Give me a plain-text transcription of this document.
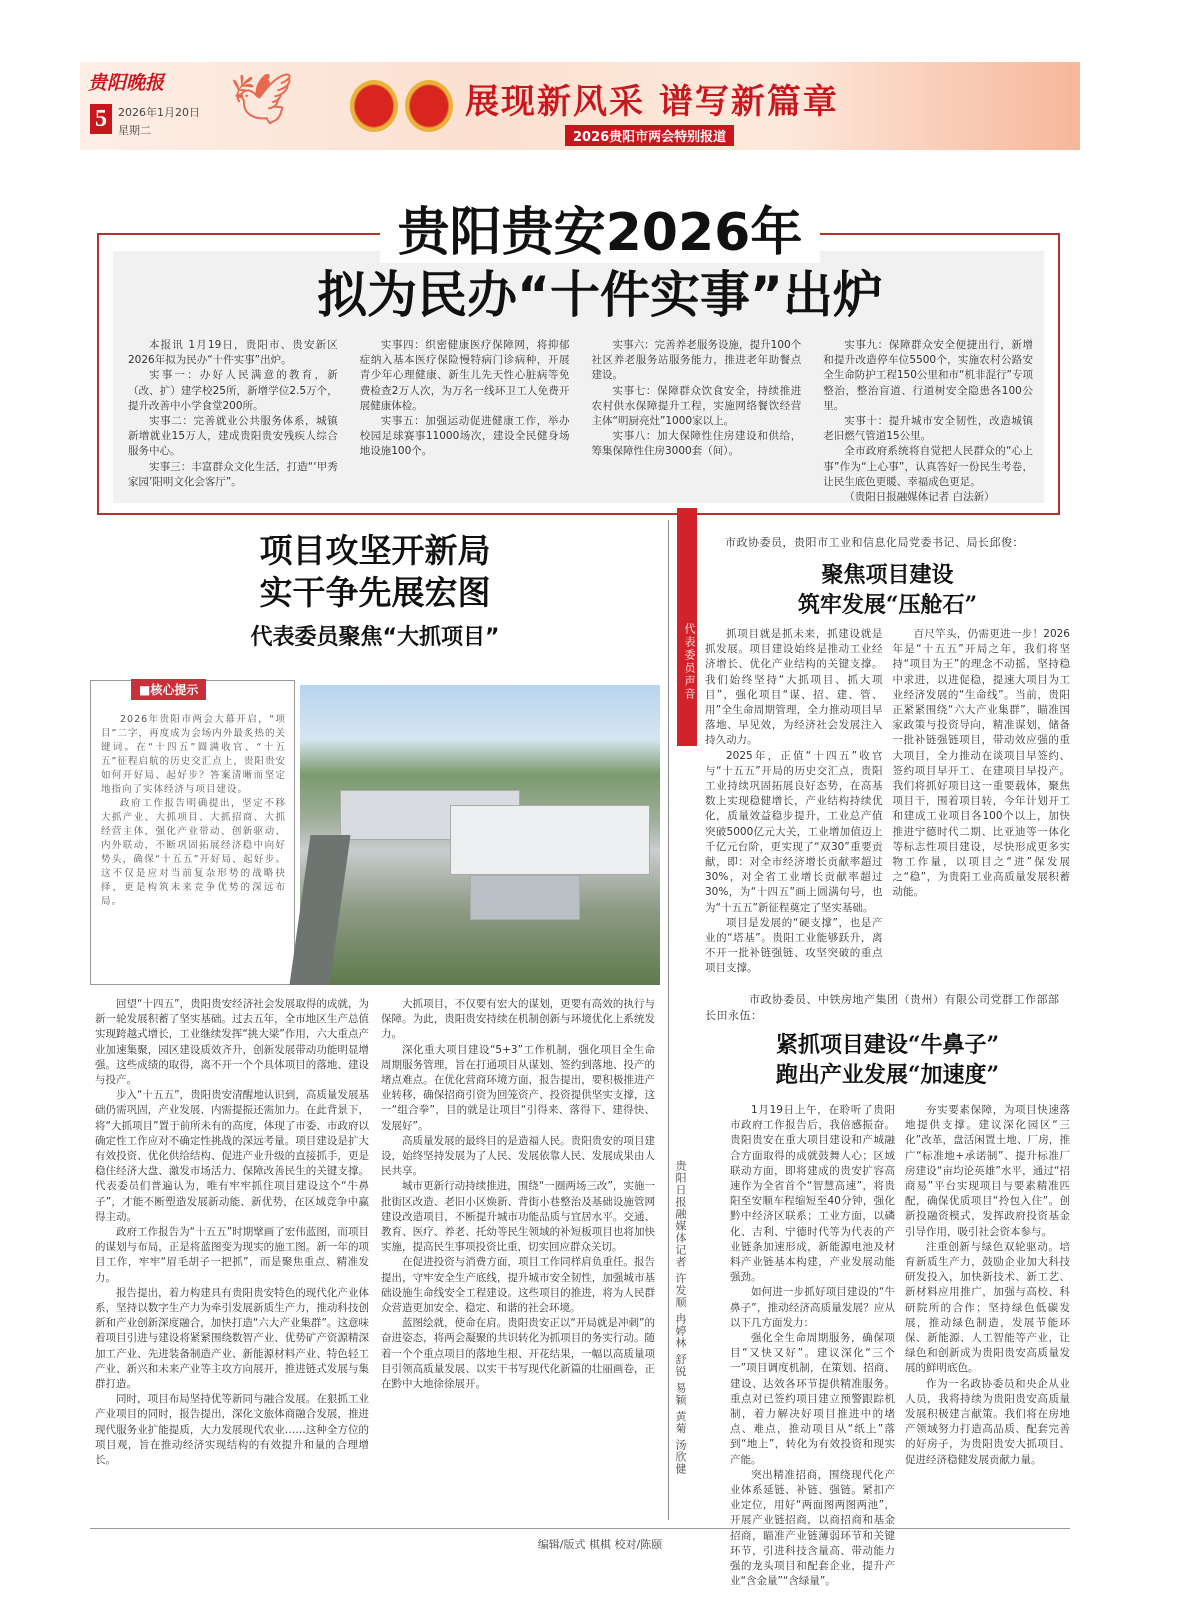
贵阳晚报
5	2026年1月20日
星期二
🕊	展现新风采 谱写新篇章
2026贵阳市两会特别报道
贵阳贵安2026年
拟为民办“十件实事”出炉

本报讯 1月19日，贵阳市、贵安新区2026年拟为民办“十件实事”出炉。

实事一：办好人民满意的教育，新（改、扩）建学校25所，新增学位2.5万个，提升改善中小学食堂200所。

实事二：完善就业公共服务体系，城镇新增就业15万人，建成贵阳贵安残疾人综合服务中心。

实事三：丰富群众文化生活，打造“‘甲秀家园’阳明文化会客厅”。

实事四：织密健康医疗保障网，将抑郁症纳入基本医疗保险慢特病门诊病种，开展青少年心理健康、新生儿先天性心脏病等免费检查2万人次，为万名一线环卫工人免费开展健康体检。

实事五：加强运动促进健康工作，举办校园足球赛事11000场次，建设全民健身场地设施100个。

实事六：完善养老服务设施，提升100个社区养老服务站服务能力，推进老年助餐点建设。

实事七：保障群众饮食安全，持续推进农村供水保障提升工程，实施网络餐饮经营主体“明厨亮灶”1000家以上。

实事八：加大保障性住房建设和供给，筹集保障性住房3000套（间）。

实事九：保障群众安全便捷出行，新增和提升改造停车位5500个，实施农村公路安全生命防护工程150公里和市“机非混行”专项整治，整治盲道、行道树安全隐患各100公里。

实事十：提升城市安全韧性，改造城镇老旧燃气管道15公里。

全市政府系统将自觉把人民群众的“心上事”作为“上心事”，认真答好一份民生考卷，让民生底色更暖、幸福成色更足。

（贵阳日报融媒体记者 白法新）

项目攻坚开新局
实干争先展宏图
代表委员聚焦“大抓项目”
■核心提示

2026年贵阳市两会大幕开启，“项目”二字，再度成为会场内外最炙热的关键词。在“十四五”圆满收官、“十五五”征程启航的历史交汇点上，贵阳贵安如何开好局、起好步？答案清晰而坚定地指向了实体经济与项目建设。

政府工作报告明确提出，坚定不移大抓产业、大抓项目、大抓招商、大抓经营主体，强化产业带动、创新驱动、内外联动，不断巩固拓展经济稳中向好势头，确保“十五五”开好局、起好步。这不仅是应对当前复杂形势的战略抉择，更是构筑未来竞争优势的深远布局。

回望“十四五”，贵阳贵安经济社会发展取得的成就，为新一轮发展积蓄了坚实基础。过去五年，全市地区生产总值实现跨越式增长，工业继续发挥“挑大梁”作用，六大重点产业加速集聚，园区建设质效齐升，创新发展带动功能明显增强。这些成绩的取得，离不开一个个具体项目的落地、建设与投产。

步入“十五五”，贵阳贵安清醒地认识到，高质量发展基础仍需巩固，产业发展、内需提振还需加力。在此背景下，将“大抓项目”置于前所未有的高度，体现了市委、市政府以确定性工作应对不确定性挑战的深远考量。项目建设是扩大有效投资、优化供给结构、促进产业升级的直接抓手，更是稳住经济大盘、激发市场活力、保障改善民生的关键支撑。代表委员们普遍认为，唯有牢牢抓住项目建设这个“牛鼻子”，才能不断塑造发展新动能、新优势，在区域竞争中赢得主动。

政府工作报告为“十五五”时期擘画了宏伟蓝图，而项目的谋划与布局，正是将蓝图变为现实的施工图。新一年的项目工作，牢牢“眉毛胡子一把抓”，而是聚焦重点、精准发力。

报告提出，着力构建具有贵阳贵安特色的现代化产业体系，坚持以数字生产力为牵引发展新质生产力，推动科技创新和产业创新深度融合，加快打造“六大产业集群”。这意味着项目引进与建设将紧紧围绕数智产业、优势矿产资源精深加工产业、先进装备制造产业、新能源材料产业、特色轻工产业、新兴和未来产业等主攻方向展开，推进链式发展与集群打造。

同时，项目布局坚持优等新同与融合发展。在狠抓工业产业项目的同时，报告提出，深化文旅体商融合发展，推进现代服务业扩能提质，大力发展现代农业……这种全方位的项目观，旨在推动经济实现结构的有效提升和量的合理增长。

大抓项目，不仅要有宏大的谋划，更要有高效的执行与保障。为此，贵阳贵安持续在机制创新与环境优化上系统发力。

深化重大项目建设“5+3”工作机制，强化项目全生命周期服务管理，旨在打通项目从谋划、签约到落地、投产的堵点难点。在优化营商环境方面，报告提出，要积极推进产业转移，确保招商引资为回笼资产、投资提供坚实支撑，这一“组合拳”，目的就是让项目“引得来、落得下、建得快、发展好”。

高质量发展的最终目的是造福人民。贵阳贵安的项目建设，始终坚持发展为了人民、发展依靠人民、发展成果由人民共享。

城市更新行动持续推进，围绕“一圈两场三改”，实施一批街区改造、老旧小区焕新、背街小巷整治及基础设施管网建设改造项目，不断提升城市功能品质与宜居水平。交通、教育、医疗、养老、托幼等民生领域的补短板项目也将加快实施，提高民生事项投资比重，切实回应群众关切。

在促进投资与消费方面，项目工作同样肩负重任。报告提出，守牢安全生产底线，提升城市安全韧性，加强城市基础设施生命线安全工程建设。这些项目的推进，将为人民群众营造更加安全、稳定、和谐的社会环境。

蓝图绘就，使命在肩。贵阳贵安正以“开局就是冲刺”的奋进姿态，将两会凝聚的共识转化为抓项目的务实行动。随着一个个重点项目的落地生根、开花结果，一幅以高质量项目引领高质量发展、以实干书写现代化新篇的壮丽画卷，正在黔中大地徐徐展开。

代表委员声音
市政协委员，贵阳市工业和信息化局党委书记、局长邱俊：
聚焦项目建设
筑牢发展“压舱石”

抓项目就是抓未来，抓建设就是抓发展。项目建设始终是推动工业经济增长、优化产业结构的关键支撑。我们始终坚持“大抓项目、抓大项目”，强化项目“谋、招、建、管、用”全生命周期管理，全力推动项目早落地、早见效，为经济社会发展注入持久动力。

2025年，正值“十四五”收官与“十五五”开局的历史交汇点，贵阳工业持续巩固拓展良好态势，在高基数上实现稳健增长，产业结构持续优化，质量效益稳步提升，工业总产值突破5000亿元大关，工业增加值迈上千亿元台阶，更实现了“双30”重要贡献，即：对全市经济增长贡献率超过30%，对全省工业增长贡献率超过30%，为“十四五”画上圆满句号，也为“十五五”新征程奠定了坚实基础。

项目是发展的“硬支撑”，也是产业的“塔基”。贵阳工业能够跃升，离不开一批补链强链、攻坚突破的重点项目支撑。

百尺竿头，仍需更进一步！2026年是“十五五”开局之年，我们将坚持“项目为王”的理念不动摇，坚持稳中求进，以进促稳，提速大项目为工业经济发展的“生命线”。当前，贵阳正紧紧围绕“六大产业集群”，瞄准国家政策与投资导向，精准谋划，储备一批补链强链项目，带动效应强的重大项目，全力推动在谈项目早签约、签约项目早开工、在建项目早投产。我们将抓好项目这一重要载体，聚焦项目干，围着项目转，今年计划开工和建成工业项目各100个以上，加快推进宁德时代二期、比亚迪等一体化等标志性项目建设，尽快形成更多实物工作量，以项目之“进”保发展之“稳”，为贵阳工业高质量发展积蓄动能。

市政协委员、中铁房地产集团（贵州）有限公司党群工作部部长田永伍：
紧抓项目建设“牛鼻子”
跑出产业发展“加速度”

1月19日上午，在聆听了贵阳市政府工作报告后，我倍感振奋。贵阳贵安在重大项目建设和产城融合方面取得的成就鼓舞人心；区域联动方面，即将建成的贵安扩容高速作为全省首个“智慧高速”，将贵阳至安顺车程缩短至40分钟，强化黔中经济区联系；工业方面，以磷化、吉利、宁德时代等为代表的产业链条加速形成，新能源电池及材料产业链基本构建，产业发展动能强劲。

如何进一步抓好项目建设的“牛鼻子”，推动经济高质量发展？应从以下几方面发力：

强化全生命周期服务，确保项目“又快又好”。建议深化“三个一”项目调度机制，在策划、招商、建设、达效各环节提供精准服务。重点对已签约项目建立预警跟踪机制，着力解决好项目推进中的堵点、难点，推动项目从“纸上”落到“地上”，转化为有效投资和现实产能。

突出精准招商，围绕现代化产业体系延链、补链、强链。紧扣产业定位，用好“两面图两图两池”，开展产业链招商，以商招商和基金招商，瞄准产业链薄弱环节和关键环节，引进科技含量高、带动能力强的龙头项目和配套企业，提升产业“含金量”“含绿量”。

夯实要素保障，为项目快速落地提供支撑。建议深化园区“三化”改革，盘活闲置土地、厂房，推广“标准地+承诺制”、提升标准厂房建设“亩均论英雄”水平，通过“招商易”平台实现项目与要素精准匹配，确保优质项目“拎包入住”。创新投融资模式，发挥政府投资基金引导作用，吸引社会资本参与。

注重创新与绿色双轮驱动。培育新质生产力，鼓励企业加大科技研发投入，加快新技术、新工艺、新材料应用推广，加强与高校、科研院所的合作；坚持绿色低碳发展，推动绿色制造，发展节能环保、新能源、人工智能等产业，让绿色和创新成为贵阳贵安高质量发展的鲜明底色。

作为一名政协委员和央企从业人员，我将持续为贵阳贵安高质量发展积极建言献策。我们将在房地产领域努力打造高品质、配套完善的好房子，为贵阳贵安大抓项目、促进经济稳健发展贡献力量。

贵阳日报融媒体记者 许发顺 冉婷林 舒锐 易颖 黄菊 汤欣健
编辑/版式 棋棋 校对/陈颐
